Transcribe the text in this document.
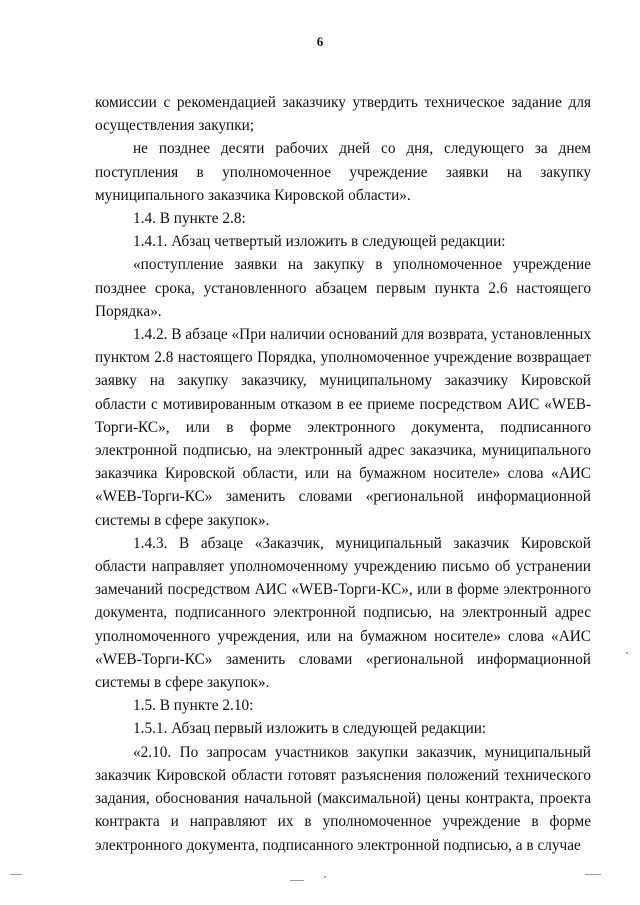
6

комиссии с рекомендацией заказчику утвердить техническое задание для осуществления закупки;

не позднее десяти рабочих дней со дня, следующего за днем поступления в уполномоченное учреждение заявки на закупку муниципального заказчика Кировской области».

1.4. В пункте 2.8:

1.4.1. Абзац четвертый изложить в следующей редакции:

«поступление заявки на закупку в уполномоченное учреждение позднее срока, установленного абзацем первым пункта 2.6 настоящего Порядка».

1.4.2. В абзаце «При наличии оснований для возврата, установленных пунктом 2.8 настоящего Порядка, уполномоченное учреждение возвращает заявку на закупку заказчику, муниципальному заказчику Кировской области с мотивированным отказом в ее приеме посредством АИС «WEB-Торги-КС», или в форме электронного документа, подписанного электронной подписью, на электронный адрес заказчика, муниципального заказчика Кировской области, или на бумажном носителе» слова «АИС «WEB-Торги-КС» заменить словами «региональной информационной системы в сфере закупок».

1.4.3. В абзаце «Заказчик, муниципальный заказчик Кировской области направляет уполномоченному учреждению письмо об устранении замечаний посредством АИС «WEB-Торги-КС», или в форме электронного документа, подписанного электронной подписью, на электронный адрес уполномоченного учреждения, или на бумажном носителе» слова «АИС «WEB-Торги-КС» заменить словами «региональной информационной системы в сфере закупок».

1.5. В пункте 2.10:

1.5.1. Абзац первый изложить в следующей редакции:

«2.10. По запросам участников закупки заказчик, муниципальный заказчик Кировской области готовят разъяснения положений технического задания, обоснования начальной (максимальной) цены контракта, проекта контракта и направляют их в уполномоченное учреждение в форме электронного документа, подписанного электронной подписью, а в случае
